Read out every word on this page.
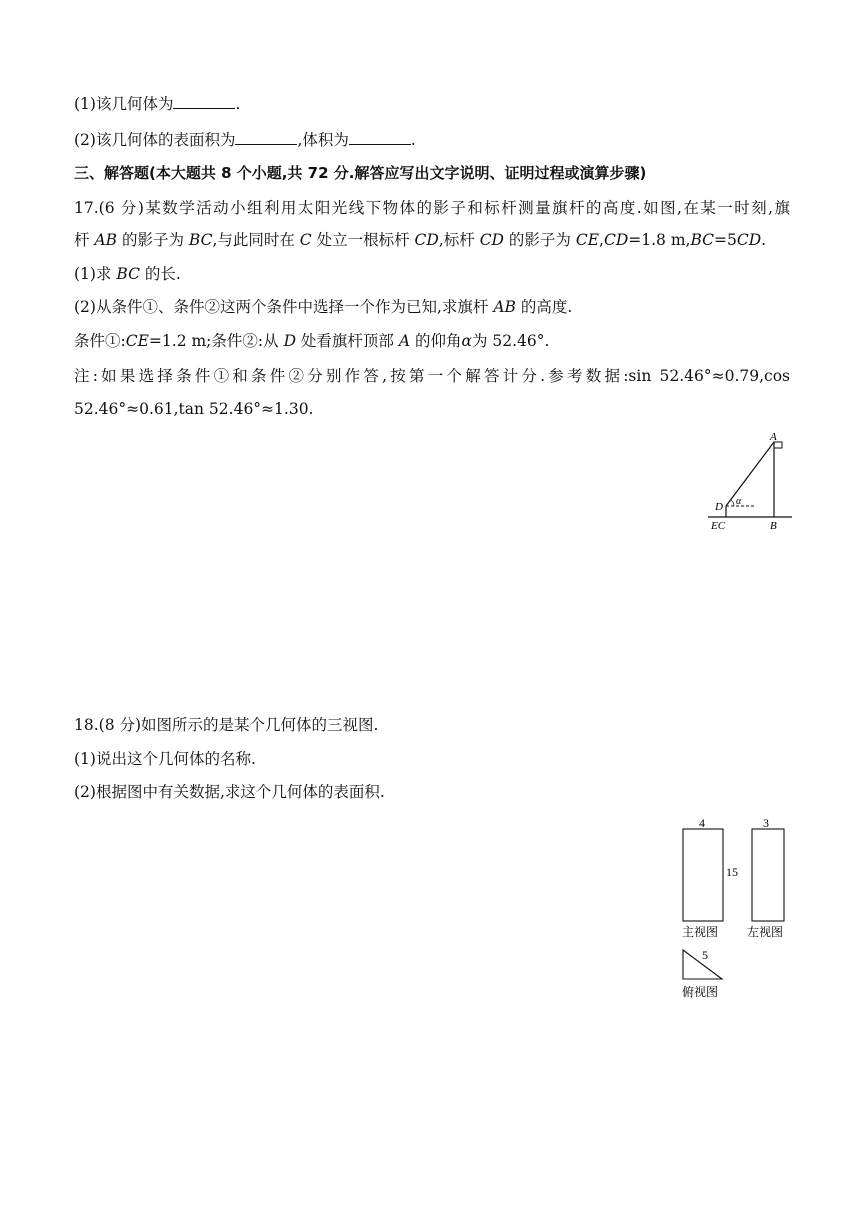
(1)该几何体为	.
(2)该几何体的表面积为	,体积为	.
三、解答题(本大题共 8 个小题,共 72 分.解答应写出文字说明、证明过程或演算步骤)
17.(6 分)某数学活动小组利用太阳光线下物体的影子和标杆测量旗杆的高度.如图,在某一时刻,旗
杆 AB 的影子为 BC,与此同时在 C 处立一根标杆 CD,标杆 CD 的影子为 CE,CD=1.8 m,BC=5CD.
(1)求 BC 的长.
(2)从条件①、条件②这两个条件中选择一个作为已知,求旗杆 AB 的高度.
条件①:CE=1.2 m;条件②:从 D 处看旗杆顶部 A 的仰角α为 52.46°.
注:如果选择条件①和条件②分别作答,按第一个解答计分.参考数据:sin 52.46°≈0.79,cos
52.46°≈0.61,tan 52.46°≈1.30.
A
D α
EC	B
18.(8 分)如图所示的是某个几何体的三视图.
(1)说出这个几何体的名称.
(2)根据图中有关数据,求这个几何体的表面积.
4
15
3
主视图 左视图
5
俯视图
